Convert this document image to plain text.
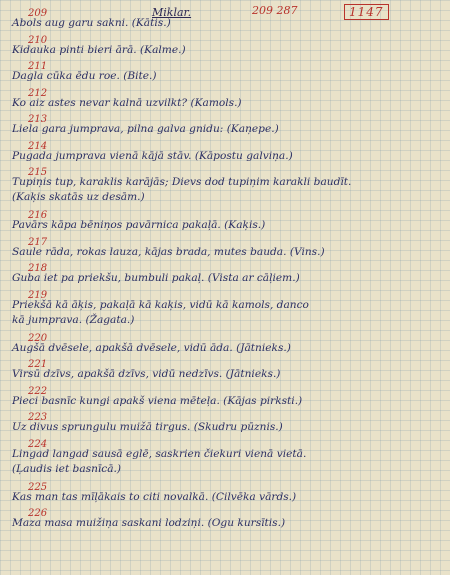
Miklar.	209 287	1147
209
Abols aug garu sakni. (Kātis.)
210
Kidauka pinti bieri ārā. (Kalme.)
211
Dagla cūka ēdu roe. (Bite.)
212
Ko aiz astes nevar kalnā uzvilkt? (Kamols.)
213
Liela gara jumprava, pilna galva gnidu: (Kaņepe.)
214
Pugada jumprava vienā kājā stāv. (Kāpostu galviņa.)
215
Tupiņis tup, karaklis karājās; Dievs dod tupiņim karakli baudīt.
(Kaķis skatās uz desām.)
216
Pavārs kāpa bēniņos pavārnica pakaļā. (Kaķis.)
217
Saule rāda, rokas lauza, kājas brada, mutes bauda. (Vins.)
218
Guba iet pa priekšu, bumbuli pakaļ. (Vista ar cāļiem.)
219
Priekšā kā āķis, pakaļā kā kaķis, vidū kā kamols, danco
kā jumprava. (Žagata.)
220
Augšā dvēsele, apakšā dvēsele, vidū āda. (Jātnieks.)
221
Virsū dzīvs, apakšā dzīvs, vidū nedzīvs. (Jātnieks.)
222
Pieci basnīc kungi apakš viena mēteļa. (Kājas pirksti.)
223
Uz divus sprungulu muižā tirgus. (Skudru pūznis.)
224
Lingad langad sausā eglē, saskrien čiekuri vienā vietā.
(Ļaudis iet basnīcā.)
225
Kas man tas mīļākais to citi novalkā. (Cilvēka vārds.)
226
Maza masa muižiņa saskani lodziņi. (Ogu kursītis.)
